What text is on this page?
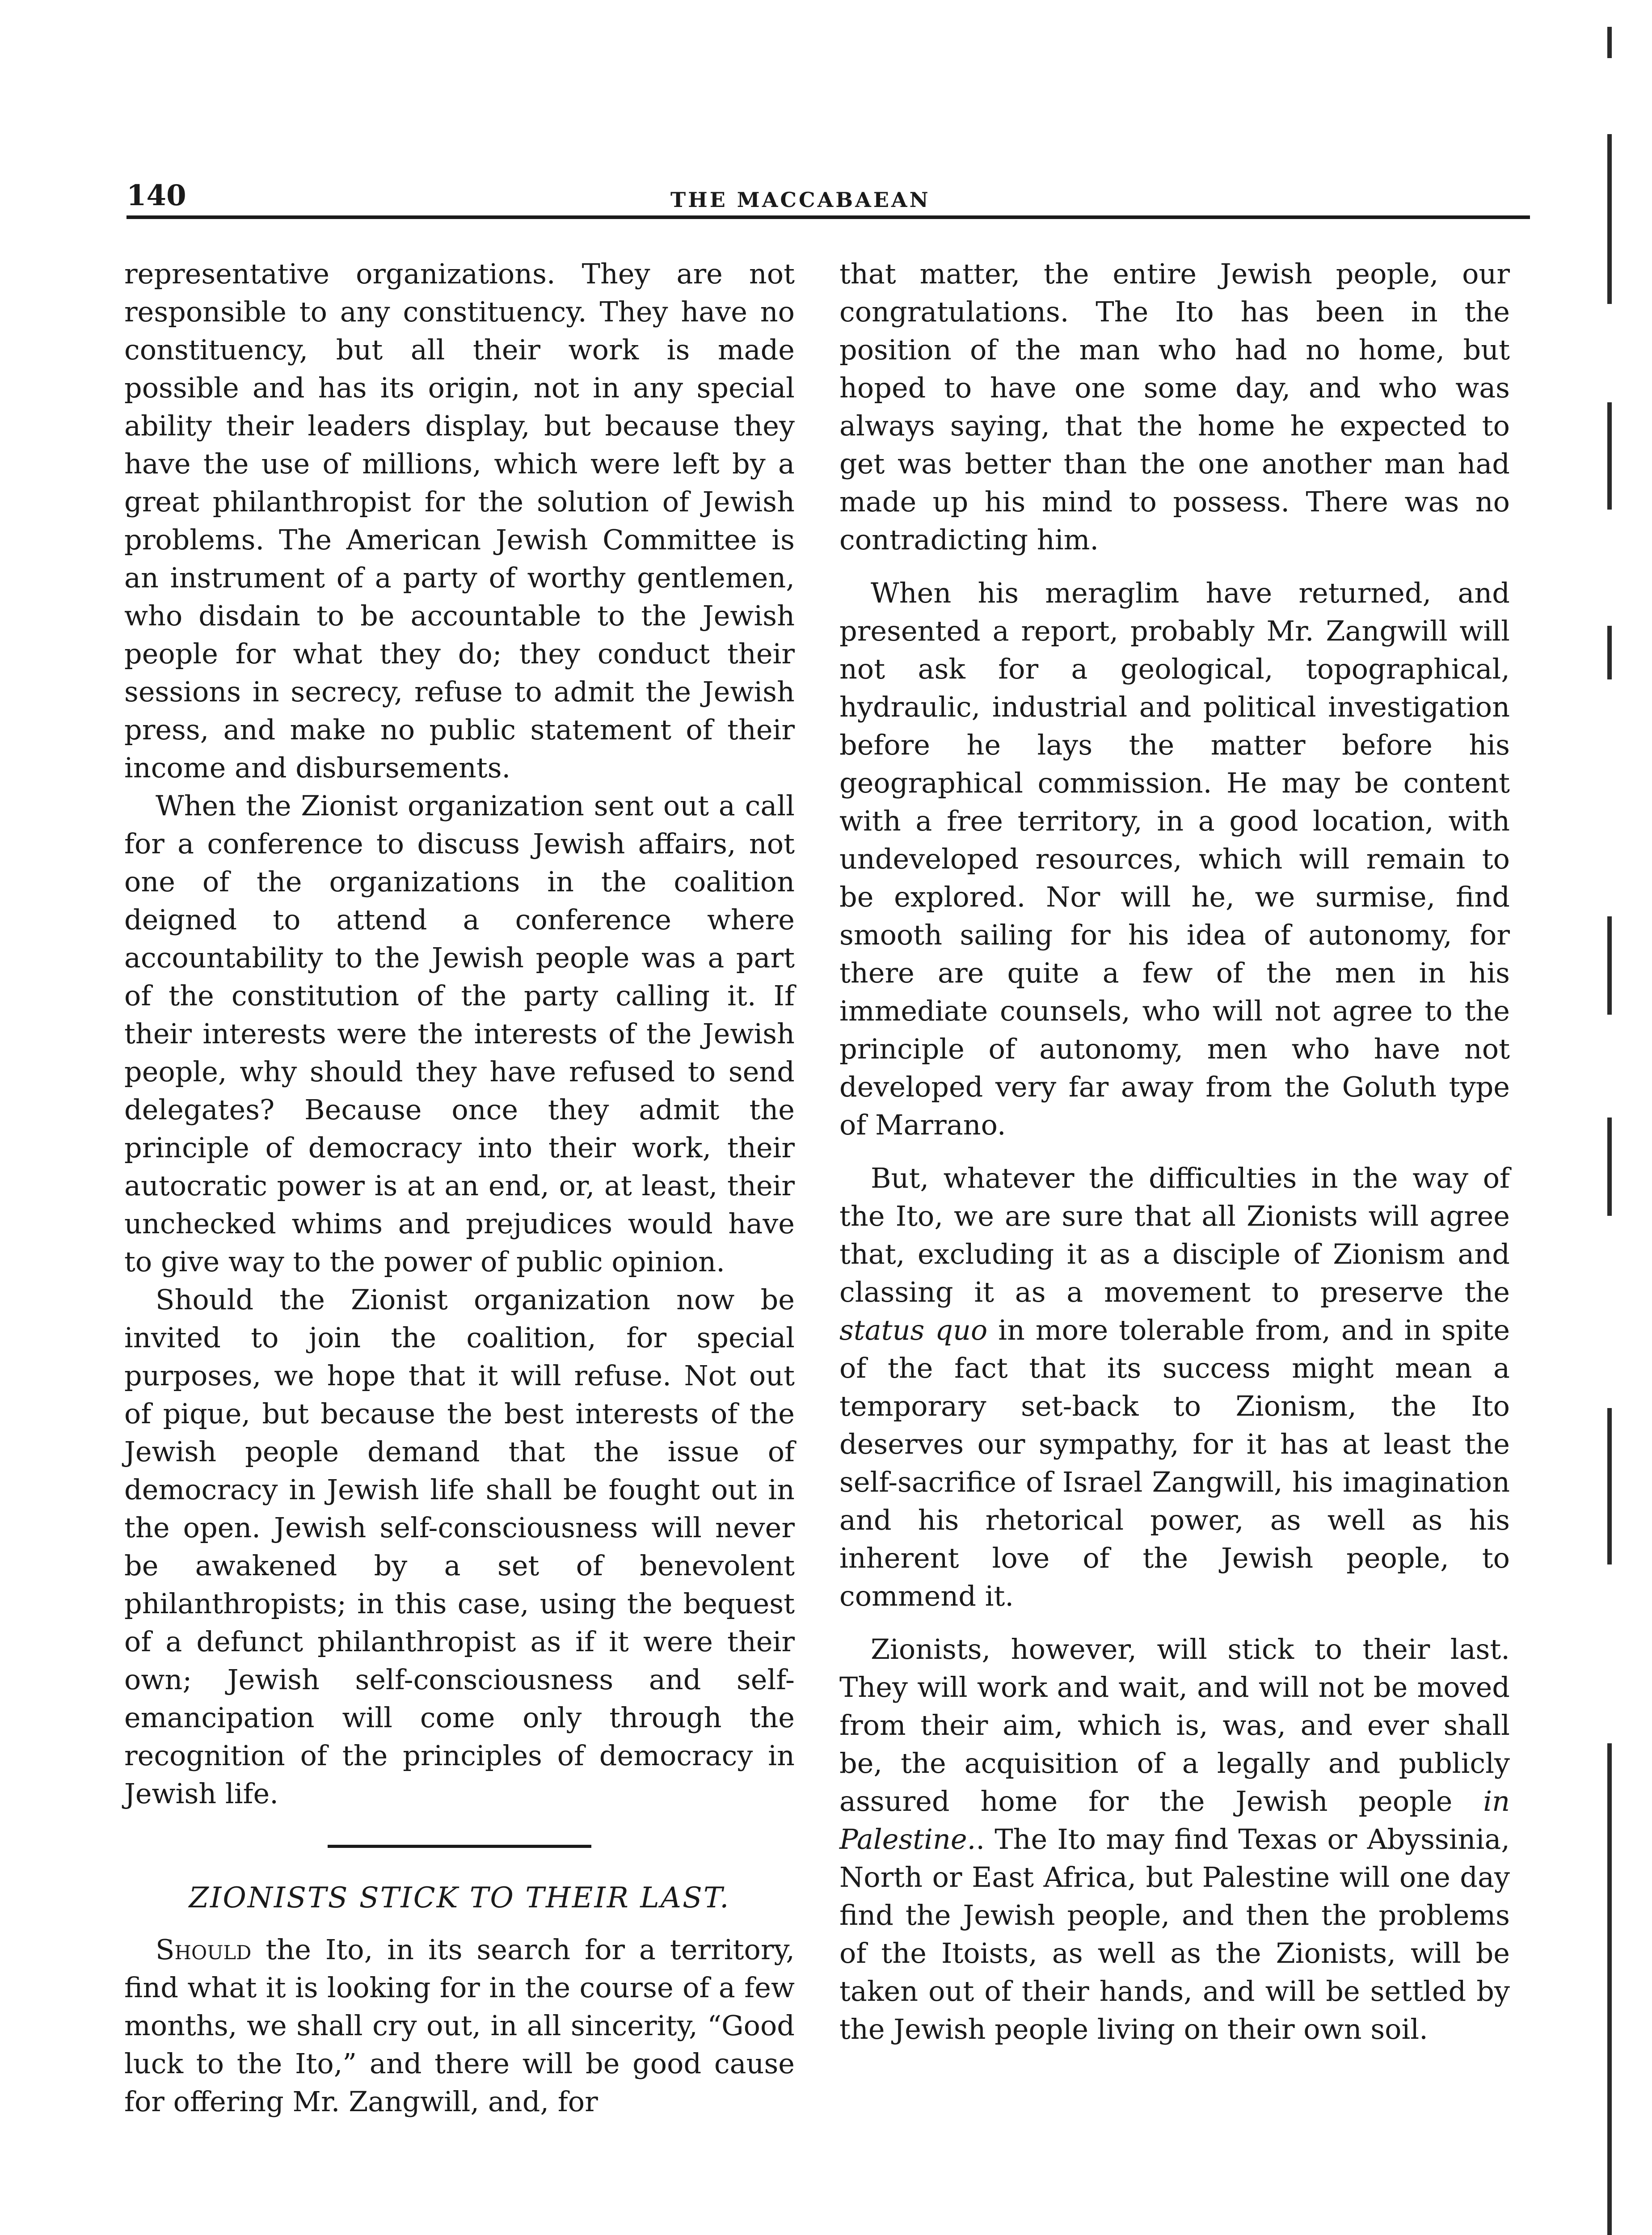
140	THE MACCABAEAN

representative organizations. They are not responsible to any constituency. They have no constituency, but all their work is made possible and has its origin, not in any special ability their leaders display, but because they have the use of millions, which were left by a great philanthropist for the solution of Jewish problems. The American Jewish Committee is an instrument of a party of worthy gentlemen, who disdain to be accountable to the Jewish people for what they do; they conduct their sessions in secrecy, refuse to admit the Jewish press, and make no public statement of their income and disbursements.

When the Zionist organization sent out a call for a conference to discuss Jewish affairs, not one of the organizations in the coalition deigned to attend a conference where accountability to the Jewish people was a part of the constitution of the party calling it. If their interests were the interests of the Jewish people, why should they have refused to send delegates? Because once they admit the principle of democracy into their work, their autocratic power is at an end, or, at least, their unchecked whims and prejudices would have to give way to the power of public opinion.

Should the Zionist organization now be invited to join the coalition, for special purposes, we hope that it will refuse. Not out of pique, but because the best interests of the Jewish people demand that the issue of democracy in Jewish life shall be fought out in the open. Jewish self-consciousness will never be awakened by a set of benevolent philanthropists; in this case, using the bequest of a defunct philanthropist as if it were their own; Jewish self-consciousness and self-emancipation will come only through the recognition of the principles of democracy in Jewish life.

ZIONISTS STICK TO THEIR LAST.

Should the Ito, in its search for a territory, find what it is looking for in the course of a few months, we shall cry out, in all sincerity, “Good luck to the Ito,” and there will be good cause for offering Mr. Zangwill, and, for

that matter, the entire Jewish people, our congratulations. The Ito has been in the position of the man who had no home, but hoped to have one some day, and who was always saying, that the home he expected to get was better than the one another man had made up his mind to possess. There was no contradicting him.

When his meraglim have returned, and presented a report, probably Mr. Zangwill will not ask for a geological, topographical, hydraulic, industrial and political investigation before he lays the matter before his geographical commission. He may be content with a free territory, in a good location, with undeveloped resources, which will remain to be explored. Nor will he, we surmise, find smooth sailing for his idea of autonomy, for there are quite a few of the men in his immediate counsels, who will not agree to the principle of autonomy, men who have not developed very far away from the Goluth type of Marrano.

But, whatever the difficulties in the way of the Ito, we are sure that all Zionists will agree that, excluding it as a disciple of Zionism and classing it as a movement to preserve the status quo in more tolerable from, and in spite of the fact that its success might mean a temporary set-back to Zionism, the Ito deserves our sympathy, for it has at least the self-sacrifice of Israel Zangwill, his imagination and his rhetorical power, as well as his inherent love of the Jewish people, to commend it.

Zionists, however, will stick to their last. They will work and wait, and will not be moved from their aim, which is, was, and ever shall be, the acquisition of a legally and publicly assured home for the Jewish people in Palestine.. The Ito may find Texas or Abyssinia, North or East Africa, but Palestine will one day find the Jewish people, and then the problems of the Itoists, as well as the Zionists, will be taken out of their hands, and will be settled by the Jewish people living on their own soil.
